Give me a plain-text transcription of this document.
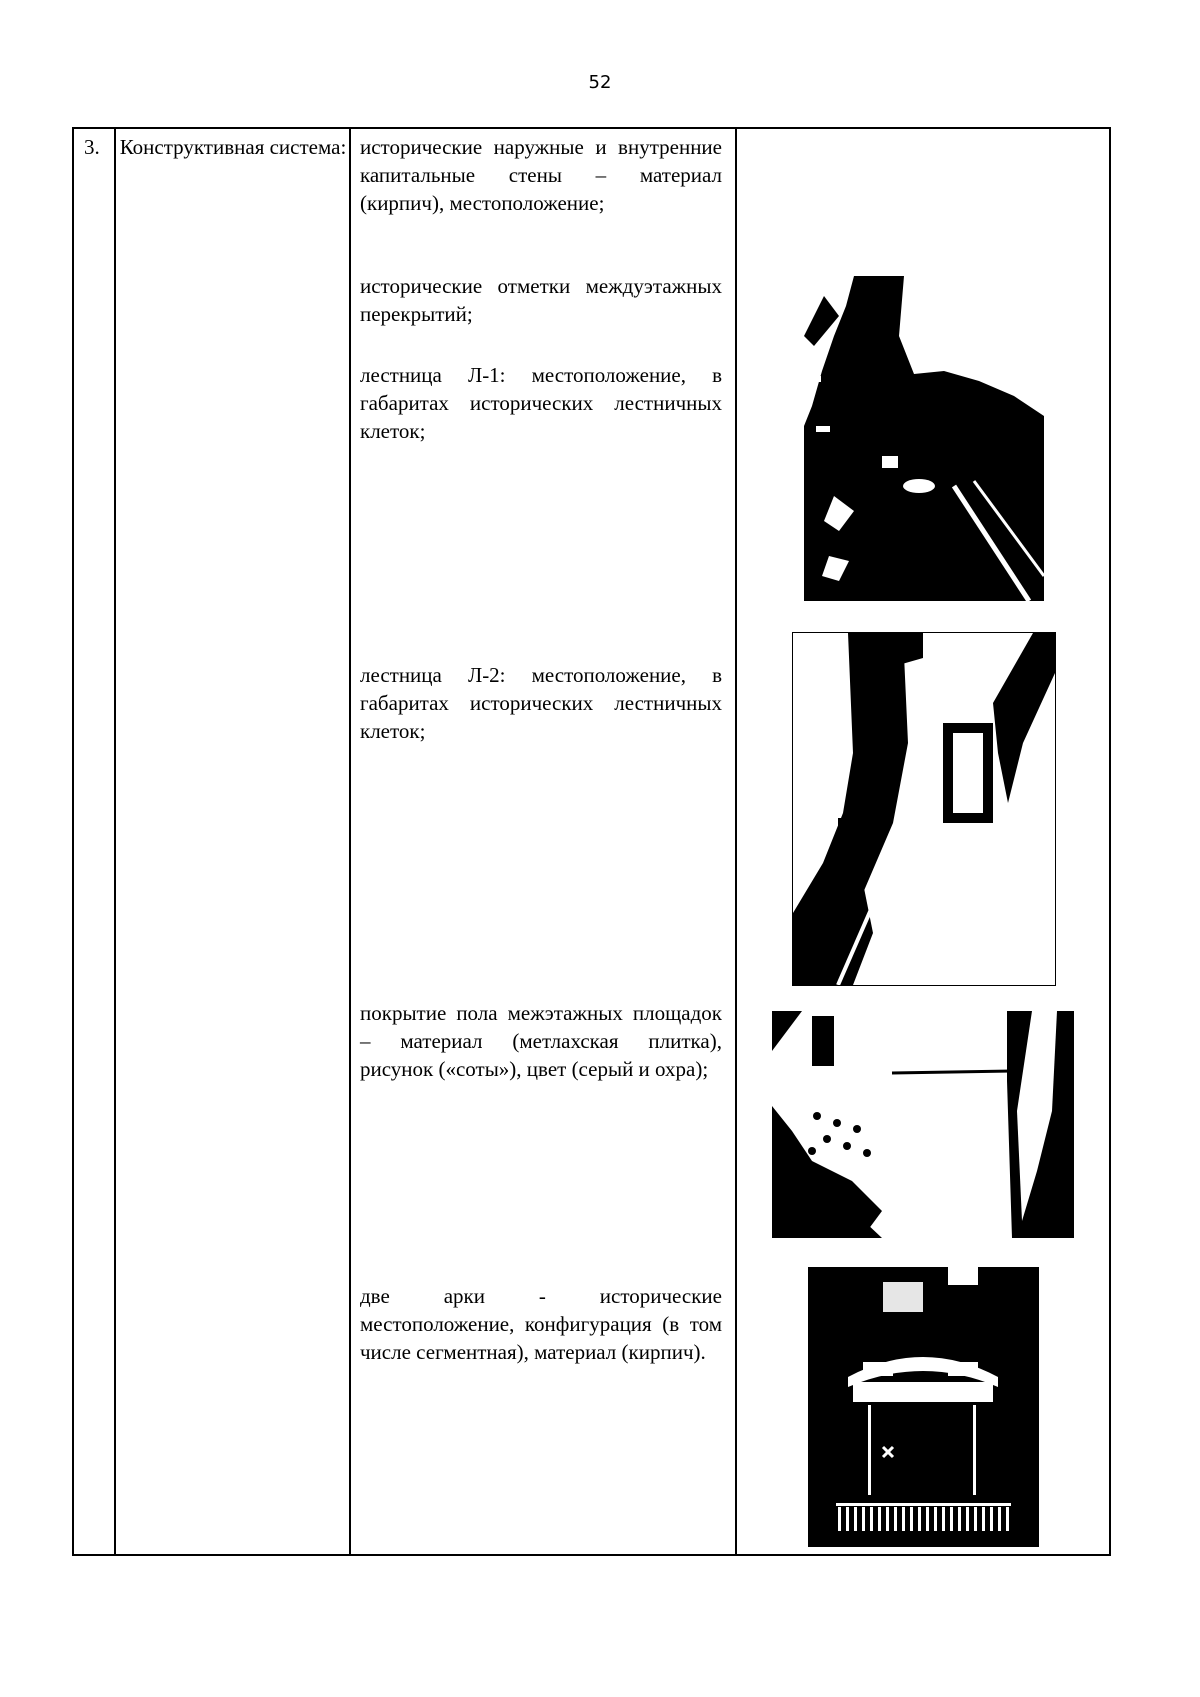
52
3. Конструктивная система: исторические наружные и внутренние капитальные стены – материал (кирпич), местоположение;
исторические отметки междуэтажных перекрытий;
лестница Л-1: местоположение, в габаритах исторических лестничных клеток;
лестница Л-2: местоположение, в габаритах исторических лестничных клеток;
покрытие пола межэтажных площадок – материал (метлахская плитка), рисунок («соты»), цвет (серый и охра);
две арки - исторические местоположение, конфигурация (в том числе сегментная), материал (кирпич).
